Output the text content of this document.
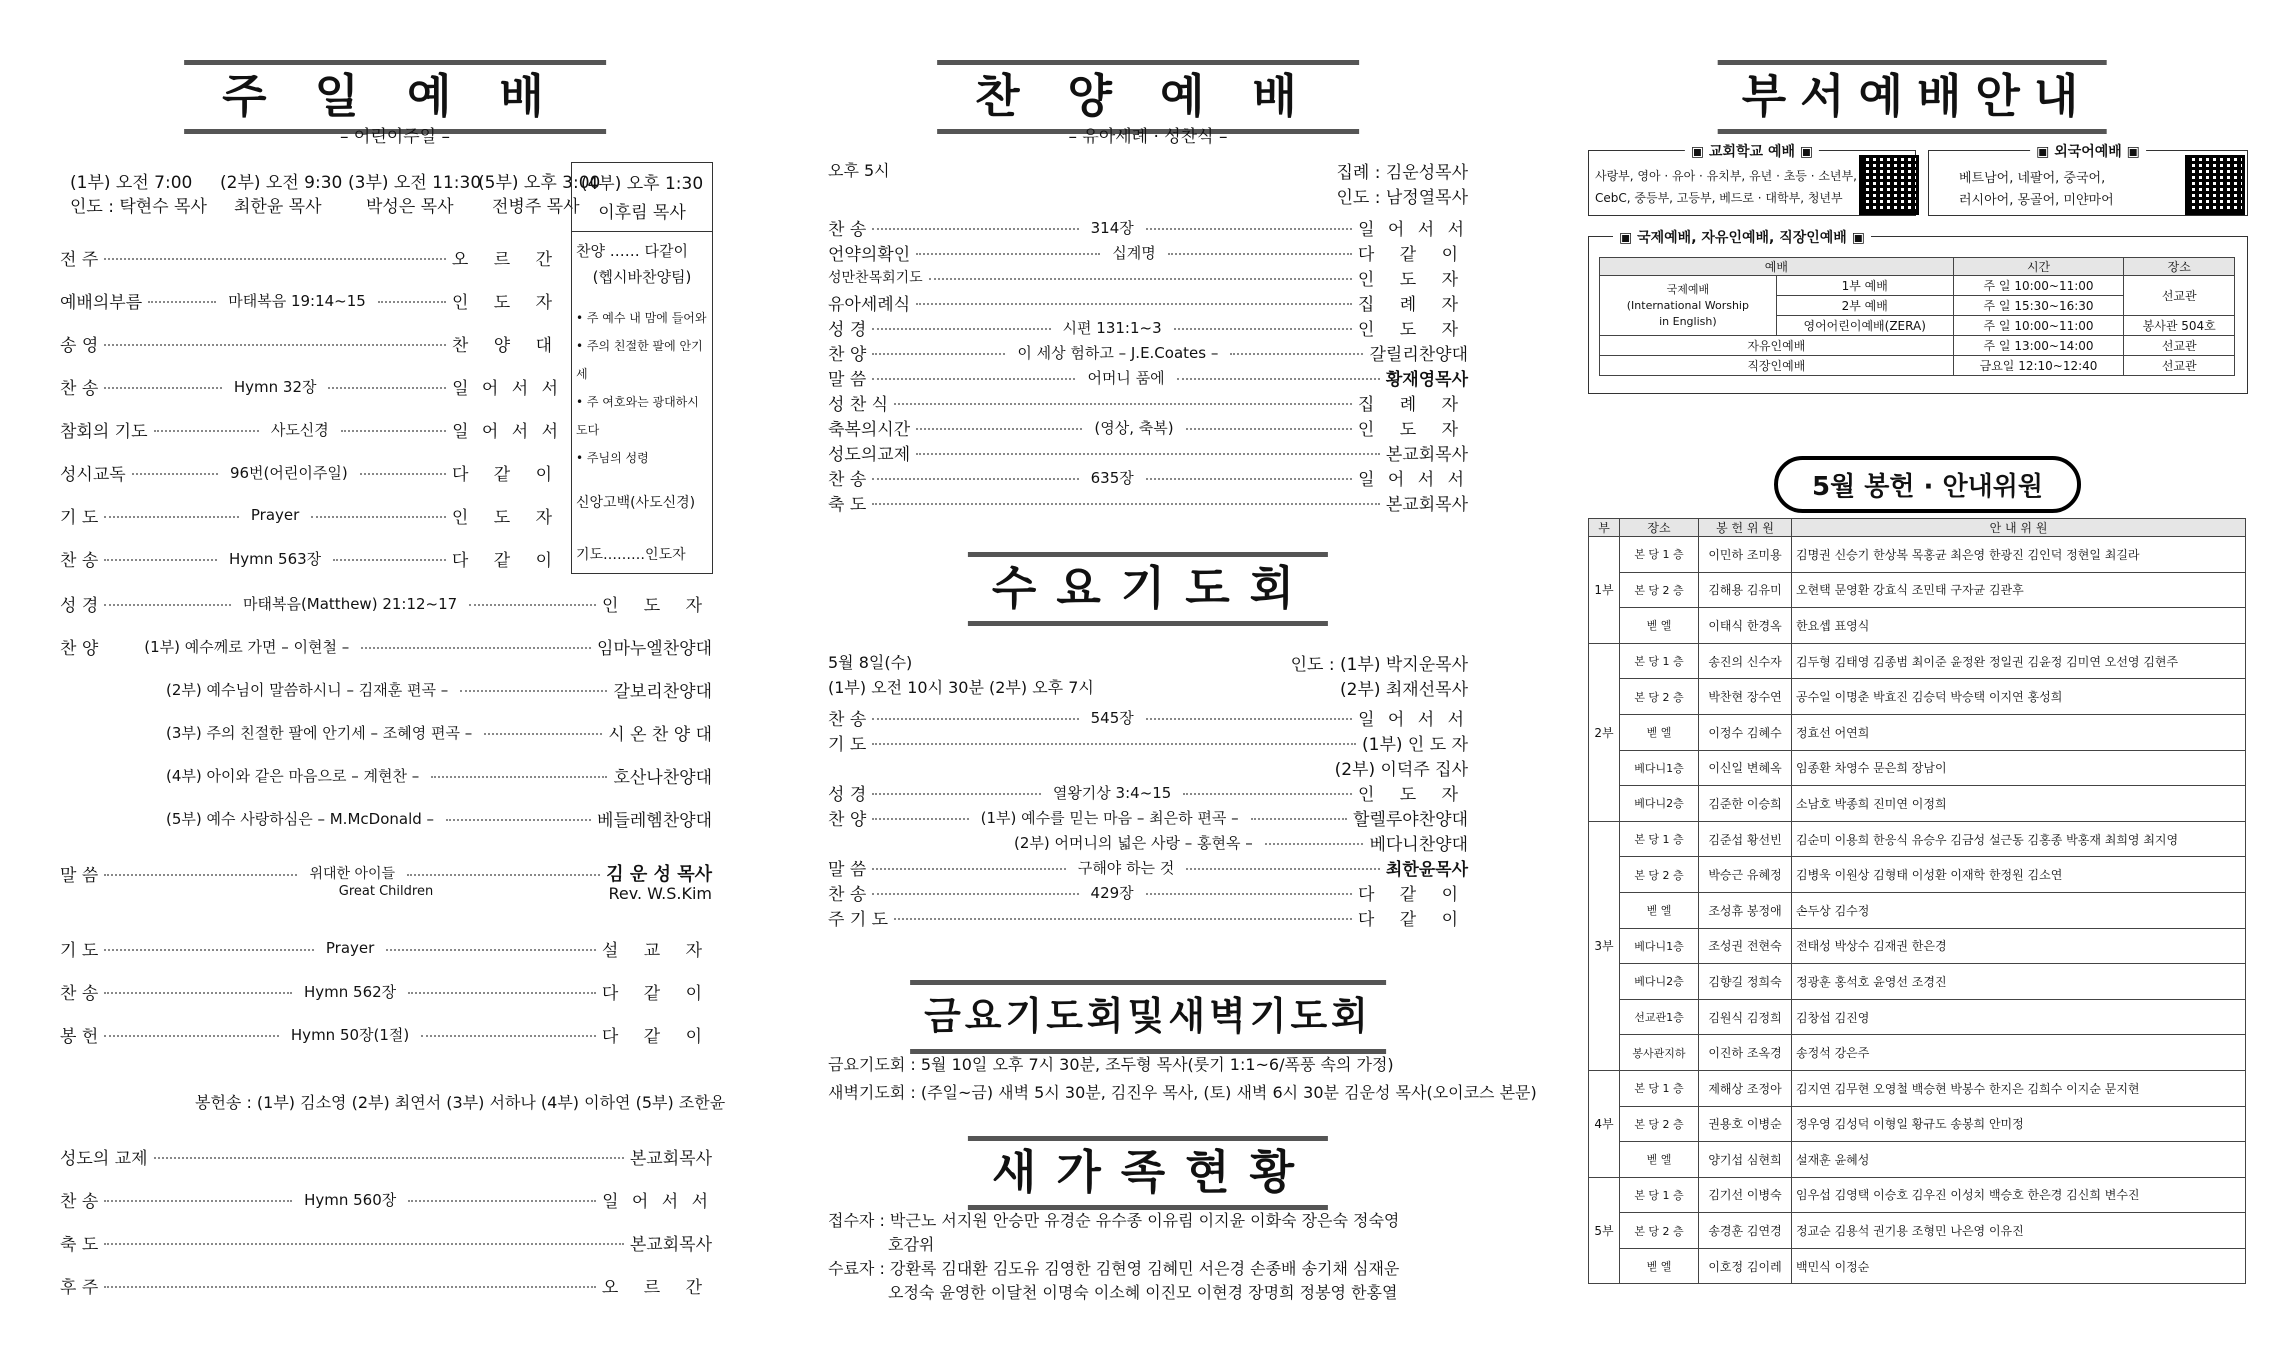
주일예배
– 어린이주일 –
(1부) 오전 7:00
인도 : 탁현수 목사
(2부) 오전 9:30
최한윤 목사
(3부) 오전 11:30
박성은 목사
(5부) 오후 3:00
전병주 목사
(4부) 오후 1:30
이후림 목사
찬양 …… 다같이
(헵시바찬양팀)
• 주 예수 내 맘에 들어와
• 주의 친절한 팔에 안기세
• 주 여호와는 광대하시도다
• 주님의 성령
신앙고백(사도신경)
기도………인도자
전 주	오 르 간
예배의부름	마태복음 19:14~15	인 도 자
송 영	찬 양 대
찬 송	Hymn 32장	일 어 서 서
참회의 기도	사도신경	일 어 서 서
성시교독	96번(어린이주일)	다 같 이
기 도	Prayer	인 도 자
찬 송	Hymn 563장	다 같 이
성 경	마태복음(Matthew) 21:12~17	인 도 자
찬 양	(1부) 예수께로 가면 – 이현철 –	임마누엘찬양대
(2부) 예수님이 말씀하시니 – 김재훈 편곡 –	갈보리찬양대
(3부) 주의 친절한 팔에 안기세 – 조혜영 편곡 –	시 온 찬 양 대
(4부) 아이와 같은 마음으로 – 계현찬 –	호산나찬양대
(5부) 예수 사랑하심은 – M.McDonald –	베들레헴찬양대
말 씀	위대한 아이들	김 운 성 목사
Great Children	Rev. W.S.Kim
기 도	Prayer	설 교 자
찬 송	Hymn 562장	다 같 이
봉 헌	Hymn 50장(1절)	다 같 이
봉헌송 : (1부) 김소영 (2부) 최연서 (3부) 서하나 (4부) 이하연 (5부) 조한윤
성도의 교제	본교회목사
찬 송	Hymn 560장	일 어 서 서
축 도	본교회목사
후 주	오 르 간
찬양예배
– 유아세례 · 성찬식 –
오후 5시	집례 : 김운성목사
인도 : 남정열목사
찬 송	314장	일 어 서 서
언약의확인	십계명	다 같 이
성만찬목회기도	인 도 자
유아세례식	집 례 자
성 경	시편 131:1~3	인 도 자
찬 양	이 세상 험하고 – J.E.Coates –	갈릴리찬양대
말 씀	어머니 품에	황재영목사
성 찬 식	집 례 자
축복의시간	(영상, 축복)	인 도 자
성도의교제	본교회목사
찬 송	635장	일 어 서 서
축 도	본교회목사
수요기도회
5월 8일(수)
(1부) 오전 10시 30분 (2부) 오후 7시
인도 : (1부) 박지운목사
(2부) 최재선목사
찬 송	545장	일 어 서 서
기 도	(1부) 인 도 자
(2부) 이덕주 집사
성 경	열왕기상 3:4~15	인 도 자
찬 양	(1부) 예수를 믿는 마음 – 최은하 편곡 –	할렐루야찬양대
(2부) 어머니의 넓은 사랑 – 홍현옥 –	베다니찬양대
말 씀	구해야 하는 것	최한윤목사
찬 송	429장	다 같 이
주 기 도	다 같 이
금요기도회및새벽기도회
금요기도회 : 5월 10일 오후 7시 30분, 조두형 목사(룻기 1:1~6/폭풍 속의 가정)
새벽기도회 : (주일~금) 새벽 5시 30분, 김진우 목사, (토) 새벽 6시 30분 김운성 목사(오이코스 본문)
새가족현황
접수자 : 박근노 서지원 안승만 유경순 유수종 이유림 이지윤 이화숙 장은숙 정숙영
호감위
수료자 : 강환록 김대환 김도유 김영한 김현영 김혜민 서은경 손종배 송기채 심재운
오정숙 윤영한 이달천 이명숙 이소혜 이진모 이현경 장명희 정봉영 한홍열
부서예배안내
▣ 교회학교 예배 ▣
사랑부, 영아 · 유아 · 유치부, 유년 · 초등 · 소년부,
CebC, 중등부, 고등부, 베드로 · 대학부, 청년부
▣ 외국어예배 ▣
베트남어, 네팔어, 중국어,
러시아어, 몽골어, 미얀마어
▣ 국제예배, 자유인예배, 직장인예배 ▣
예배		시간	장소
국제예배
(International Worship
in English)	1부 예배	주 일 10:00~11:00	선교관
	2부 예배	주 일 15:30~16:30	
	영어어린이예배(ZERA)	주 일 10:00~11:00	봉사관 504호
자유인예배		주 일 13:00~14:00	선교관
직장인예배		금요일 12:10~12:40	선교관
5월 봉헌 · 안내위원
부	장소	봉 헌 위 원	안 내 위 원
1부	본 당 1 층	이민하 조미용	김명권 신승기 한상복 목홍균 최은영 한광진 김인덕 정현일 최길라
	본 당 2 층	김해용 김유미	오현택 문영환 강효식 조민태 구자균 김관후
	벧 엘	이태식 한경옥	한요셉 표영식
2부	본 당 1 층	송진의 신수자	김두형 김태영 김종범 최이준 윤정완 정일권 김윤정 김미연 오선영 김현주
	본 당 2 층	박찬현 장수연	공수일 이명춘 박효진 김승덕 박승택 이지연 홍성희
	벧 엘	이정수 김혜수	정효선 어연희
	베다니1층	이신일 변혜옥	임종환 차영수 문은희 장남이
	베다니2층	김준한 이승희	소남호 박종희 진미연 이정희
3부	본 당 1 층	김준섭 황선빈	김순미 이용희 한응식 유승우 김금성 설근동 김홍종 박홍재 최희영 최지영
	본 당 2 층	박승근 유혜정	김병욱 이원상 김형태 이성환 이재학 한정원 김소연
	벧 엘	조성휴 봉정애	손두상 김수정
	베다니1층	조성권 전현숙	전태성 박상수 김재권 한은경
	베다니2층	김향길 정희숙	정광훈 홍석호 윤영선 조경진
	선교관1층	김원식 김정희	김창섭 김진영
	봉사관지하	이진하 조옥경	송정석 강은주
4부	본 당 1 층	제해상 조정아	김지연 김무현 오영철 백승현 박봉수 한지은 김희수 이지순 문지현
	본 당 2 층	권용호 이병순	정우영 김성덕 이형일 황규도 송봉희 안미정
	벧 엘	양기섭 심현희	설재훈 윤혜성
5부	본 당 1 층	김기선 이병숙	임우섭 김영택 이승호 김우진 이성치 백승호 한은경 김신희 변수진
	본 당 2 층	송경훈 김연경	정교순 김용석 권기용 조형민 나은영 이유진
	벧 엘	이호정 김이레	백민식 이정순
